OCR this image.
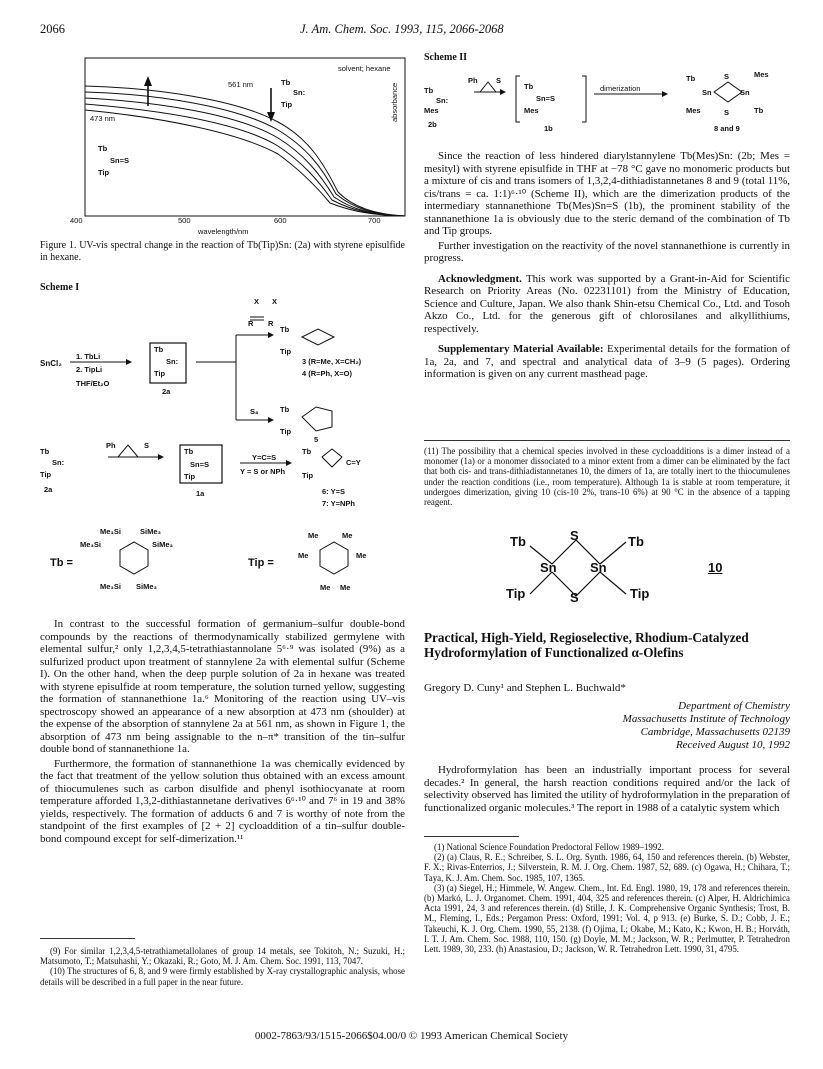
2066	J. Am. Chem. Soc. 1993, 115, 2066-2068
solvent; hexane
561 nm
473 nm
Tb
Sn:
Tip
Tb
Sn=S
Tip
absorbance
400	500	600	700
wavelength/nm
Figure 1. UV-vis spectral change in the reaction of Tb(Tip)Sn: (2a) with styrene episulfide in hexane.
Scheme I
X X
R R
SnCl₂
1. TbLi
2. TipLi
THF/Et₂O
Tb
Sn:
Tip
2a
S₈
Tb
Tip
3 (R=Me, X=CH₂)
4 (R=Ph, X=O)
Tb
Tip
5
Tb
Sn:
Tip
2a
Ph	S
Tb
Sn=S
Tip
1a
Y=C=S
Y = S or NPh
Tb
Tip
C=Y
6: Y=S
7: Y=NPh
Me₃Si	SiMe₃
Me₃Si	SiMe₃
Me₃Si SiMe₃
Tb =	Tip =
Me	Me
Me	Me
Me Me

In contrast to the successful formation of germanium–sulfur double-bond compounds by the reactions of thermodynamically stabilized germylene with elemental sulfur,² only 1,2,3,4,5-tetrathiastannolane 5⁶·⁹ was isolated (9%) as a sulfurized product upon treatment of stannylene 2a with elemental sulfur (Scheme I). On the other hand, when the deep purple solution of 2a in hexane was treated with styrene episulfide at room temperature, the solution turned yellow, suggesting the formation of stannanethione 1a.⁶ Monitoring of the reaction using UV–vis spectroscopy showed an appearance of a new absorption at 473 nm (shoulder) at the expense of the absorption of stannylene 2a at 561 nm, as shown in Figure 1, the absorption of 473 nm being assignable to the n–π* transition of the tin–sulfur double bond of stannanethione 1a.

Furthermore, the formation of stannanethione 1a was chemically evidenced by the fact that treatment of the yellow solution thus obtained with an excess amount of thiocumulenes such as carbon disulfide and phenyl isothiocyanate at room temperature afforded 1,3,2-dithiastannetane derivatives 6⁶·¹⁰ and 7⁶ in 19 and 38% yields, respectively. The formation of adducts 6 and 7 is worthy of note from the standpoint of the first examples of [2 + 2] cycloaddition of a tin–sulfur double-bond compound except for self-dimerization.¹¹

(9) For similar 1,2,3,4,5-tetrathiametallolanes of group 14 metals, see Tokitoh, N.; Suzuki, H.; Matsumoto, T.; Matsuhashi, Y.; Okazaki, R.; Goto, M. J. Am. Chem. Soc. 1991, 113, 7047.

(10) The structures of 6, 8, and 9 were firmly established by X-ray crystallographic analysis, whose details will be described in a full paper in the near future.

Scheme II
Tb
Sn:
Mes
2b
Ph S
Tb
Sn=S
Mes
1b
dimerization
Tb	S	Mes
Sn	Sn
Mes	S	Tb
8 and 9

Since the reaction of less hindered diarylstannylene Tb(Mes)Sn: (2b; Mes = mesityl) with styrene episulfide in THF at −78 °C gave no monomeric products but a mixture of cis and trans isomers of 1,3,2,4-dithiadistannetanes 8 and 9 (total 11%, cis/trans = ca. 1:1)⁶·¹⁰ (Scheme II), which are the dimerization products of the intermediary stannanethione Tb(Mes)Sn=S (1b), the prominent stability of the stannanethione 1a is obviously due to the steric demand of the combination of Tb and Tip groups.

Further investigation on the reactivity of the novel stannanethione is currently in progress.

Acknowledgment. This work was supported by a Grant-in-Aid for Scientific Research on Priority Areas (No. 02231101) from the Ministry of Education, Science and Culture, Japan. We also thank Shin-etsu Chemical Co., Ltd. and Tosoh Akzo Co., Ltd. for the generous gift of chlorosilanes and alkyllithiums, respectively.

Supplementary Material Available: Experimental details for the formation of 1a, 2a, and 7, and spectral and analytical data of 3–9 (5 pages). Ordering information is given on any current masthead page.

(11) The possibility that a chemical species involved in these cycloadditions is a dimer instead of a monomer (1a) or a monomer dissociated to a minor extent from a dimer can be eliminated by the fact that both cis- and trans-dithiadistannetanes 10, the dimers of 1a, are totally inert to the thiocumulenes under the reaction conditions (i.e., room temperature). Although 1a is stable at room temperature, it undergoes dimerization, giving 10 (cis-10 2%, trans-10 6%) at 90 °C in the absence of a tapping reagent.
Tb	S	Tb
Sn	Sn
Tip	S	Tip
10
Practical, High-Yield, Regioselective, Rhodium-Catalyzed Hydroformylation of Functionalized α-Olefins
Gregory D. Cuny¹ and Stephen L. Buchwald*
Department of Chemistry
Massachusetts Institute of Technology
Cambridge, Massachusetts 02139
Received August 10, 1992

Hydroformylation has been an industrially important process for several decades.² In general, the harsh reaction conditions required and/or the lack of selectivity observed has limited the utility of hydroformylation in the preparation of functionalized organic molecules.³ The report in 1988 of a catalytic system which

(1) National Science Foundation Predoctoral Fellow 1989–1992.

(2) (a) Claus, R. E.; Schreiber, S. L. Org. Synth. 1986, 64, 150 and references therein. (b) Webster, F. X.; Rivas-Enterrios, J.; Silverstein, R. M. J. Org. Chem. 1987, 52, 689. (c) Ogawa, H.; Chihara, T.; Taya, K. J. Am. Chem. Soc. 1985, 107, 1365.

(3) (a) Siegel, H.; Himmele, W. Angew. Chem., Int. Ed. Engl. 1980, 19, 178 and references therein. (b) Markó, L. J. Organomet. Chem. 1991, 404, 325 and references therein. (c) Alper, H. Aldrichimica Acta 1991, 24, 3 and references therein. (d) Stille, J. K. Comprehensive Organic Synthesis; Trost, B. M., Fleming, I., Eds.; Pergamon Press: Oxford, 1991; Vol. 4, p 913. (e) Burke, S. D.; Cobb, J. E.; Takeuchi, K. J. Org. Chem. 1990, 55, 2138. (f) Ojima, I.; Okabe, M.; Kato, K.; Kwon, H. B.; Horváth, I. T. J. Am. Chem. Soc. 1988, 110, 150. (g) Doyle, M. M.; Jackson, W. R.; Perlmutter, P. Tetrahedron Lett. 1989, 30, 233. (h) Anastasiou, D.; Jackson, W. R. Tetrahedron Lett. 1990, 31, 4795.

0002-7863/93/1515-2066$04.00/0 © 1993 American Chemical Society
